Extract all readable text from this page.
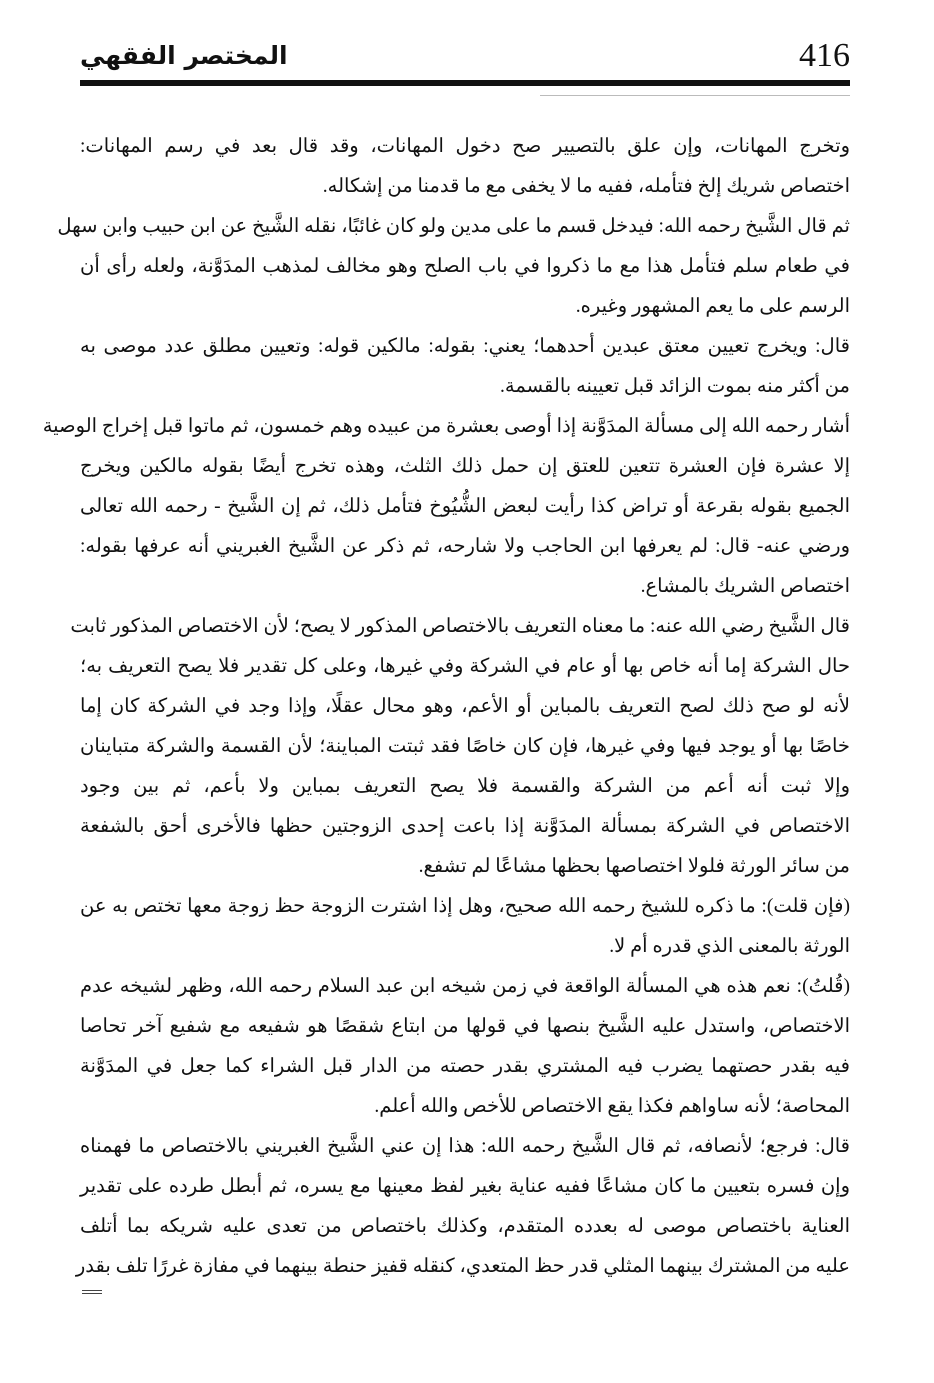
416
المختصر الفقهي
وتخرج المهانات، وإن علق بالتصيير صح دخول المهانات، وقد قال بعد في رسم المهانات:
اختصاص شريك إلخ فتأمله، ففيه ما لا يخفى مع ما قدمنا من إشكاله.
ثم قال الشَّيخ رحمه الله: فيدخل قسم ما على مدين ولو كان غائبًا، نقله الشَّيخ عن ابن حبيب وابن سهل
في طعام سلم فتأمل هذا مع ما ذكروا في باب الصلح وهو مخالف لمذهب المدَوَّنة، ولعله رأى أن
الرسم على ما يعم المشهور وغيره.
قال: ويخرج تعيين معتق عبدين أحدهما؛ يعني: بقوله: مالكين قوله: وتعيين مطلق عدد موصى به
من أكثر منه بموت الزائد قبل تعيينه بالقسمة.
أشار رحمه الله إلى مسألة المدَوَّنة إذا أوصى بعشرة من عبيده وهم خمسون، ثم ماتوا قبل إخراج الوصية
إلا عشرة فإن العشرة تتعين للعتق إن حمل ذلك الثلث، وهذه تخرج أيضًا بقوله مالكين ويخرج
الجميع بقوله بقرعة أو تراض كذا رأيت لبعض الشُّيُوخ فتأمل ذلك، ثم إن الشَّيخ - رحمه الله تعالى
ورضي عنه- قال: لم يعرفها ابن الحاجب ولا شارحه، ثم ذكر عن الشَّيخ الغبريني أنه عرفها بقوله:
اختصاص الشريك بالمشاع.
قال الشَّيخ رضي الله عنه: ما معناه التعريف بالاختصاص المذكور لا يصح؛ لأن الاختصاص المذكور ثابت
حال الشركة إما أنه خاص بها أو عام في الشركة وفي غيرها، وعلى كل تقدير فلا يصح التعريف به؛
لأنه لو صح ذلك لصح التعريف بالمباين أو الأعم، وهو محال عقلًا، وإذا وجد في الشركة كان إما
خاصًا بها أو يوجد فيها وفي غيرها، فإن كان خاصًا فقد ثبتت المباينة؛ لأن القسمة والشركة متباينان
وإلا ثبت أنه أعم من الشركة والقسمة فلا يصح التعريف بمباين ولا بأعم، ثم بين وجود
الاختصاص في الشركة بمسألة المدَوَّنة إذا باعت إحدى الزوجتين حظها فالأخرى أحق بالشفعة
من سائر الورثة فلولا اختصاصها بحظها مشاعًا لم تشفع.
(فإن قلت): ما ذكره للشيخ رحمه الله صحيح، وهل إذا اشترت الزوجة حظ زوجة معها تختص به عن
الورثة بالمعنى الذي قدره أم لا.
(قُلتُ): نعم هذه هي المسألة الواقعة في زمن شيخه ابن عبد السلام رحمه الله، وظهر لشيخه عدم
الاختصاص، واستدل عليه الشَّيخ بنصها في قولها من ابتاع شقصًا هو شفيعه مع شفيع آخر تحاصا
فيه بقدر حصتهما يضرب فيه المشتري بقدر حصته من الدار قبل الشراء كما جعل في المدَوَّنة
المحاصة؛ لأنه ساواهم فكذا يقع الاختصاص للأخص والله أعلم.
قال: فرجع؛ لأنصافه، ثم قال الشَّيخ رحمه الله: هذا إن عني الشَّيخ الغبريني بالاختصاص ما فهمناه
وإن فسره بتعيين ما كان مشاعًا ففيه عناية بغير لفظ معينها مع يسره، ثم أبطل طرده على تقدير
العناية باختصاص موصى له بعدده المتقدم، وكذلك باختصاص من تعدى عليه شريكه بما أتلف
عليه من المشترك بينهما المثلي قدر حظ المتعدي، كنقله قفيز حنطة بينهما في مفازة غررًا تلف بقدر
